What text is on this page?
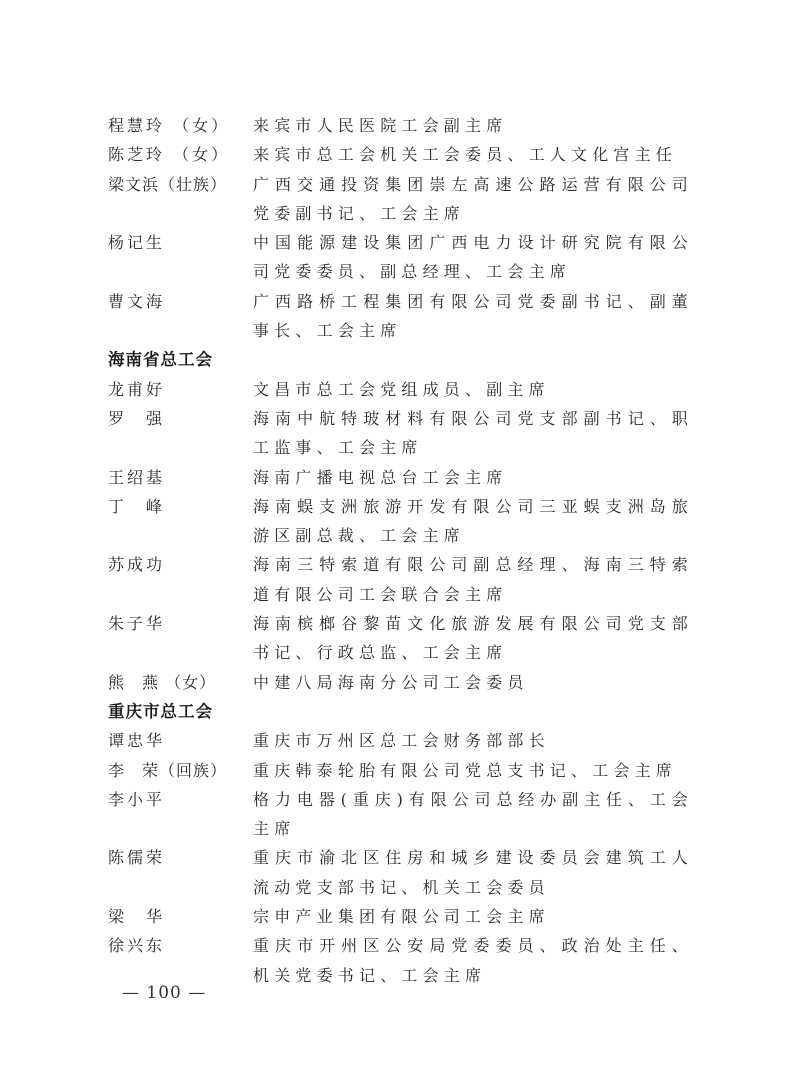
程慧玲 （女）	来宾市人民医院工会副主席
陈芝玲 （女）	来宾市总工会机关工会委员、工人文化宫主任
梁文浜（壮族）	广西交通投资集团崇左高速公路运营有限公司党委副书记、工会主席
杨记生	中国能源建设集团广西电力设计研究院有限公司党委委员、副总经理、工会主席
曹文海	广西路桥工程集团有限公司党委副书记、副董事长、工会主席
海南省总工会
龙甫好	文昌市总工会党组成员、副主席
罗　强	海南中航特玻材料有限公司党支部副书记、职工监事、工会主席
王绍基	海南广播电视总台工会主席
丁　峰	海南蜈支洲旅游开发有限公司三亚蜈支洲岛旅游区副总裁、工会主席
苏成功	海南三特索道有限公司副总经理、海南三特索道有限公司工会联合会主席
朱子华	海南槟榔谷黎苗文化旅游发展有限公司党支部书记、行政总监、工会主席
熊　燕 （女）	中建八局海南分公司工会委员
重庆市总工会
谭忠华	重庆市万州区总工会财务部部长
李　荣（回族）	重庆韩泰轮胎有限公司党总支书记、工会主席
李小平	格力电器(重庆)有限公司总经办副主任、工会主席
陈儒荣	重庆市渝北区住房和城乡建设委员会建筑工人流动党支部书记、机关工会委员
梁　华	宗申产业集团有限公司工会主席
徐兴东	重庆市开州区公安局党委委员、政治处主任、机关党委书记、工会主席
— 100 —
